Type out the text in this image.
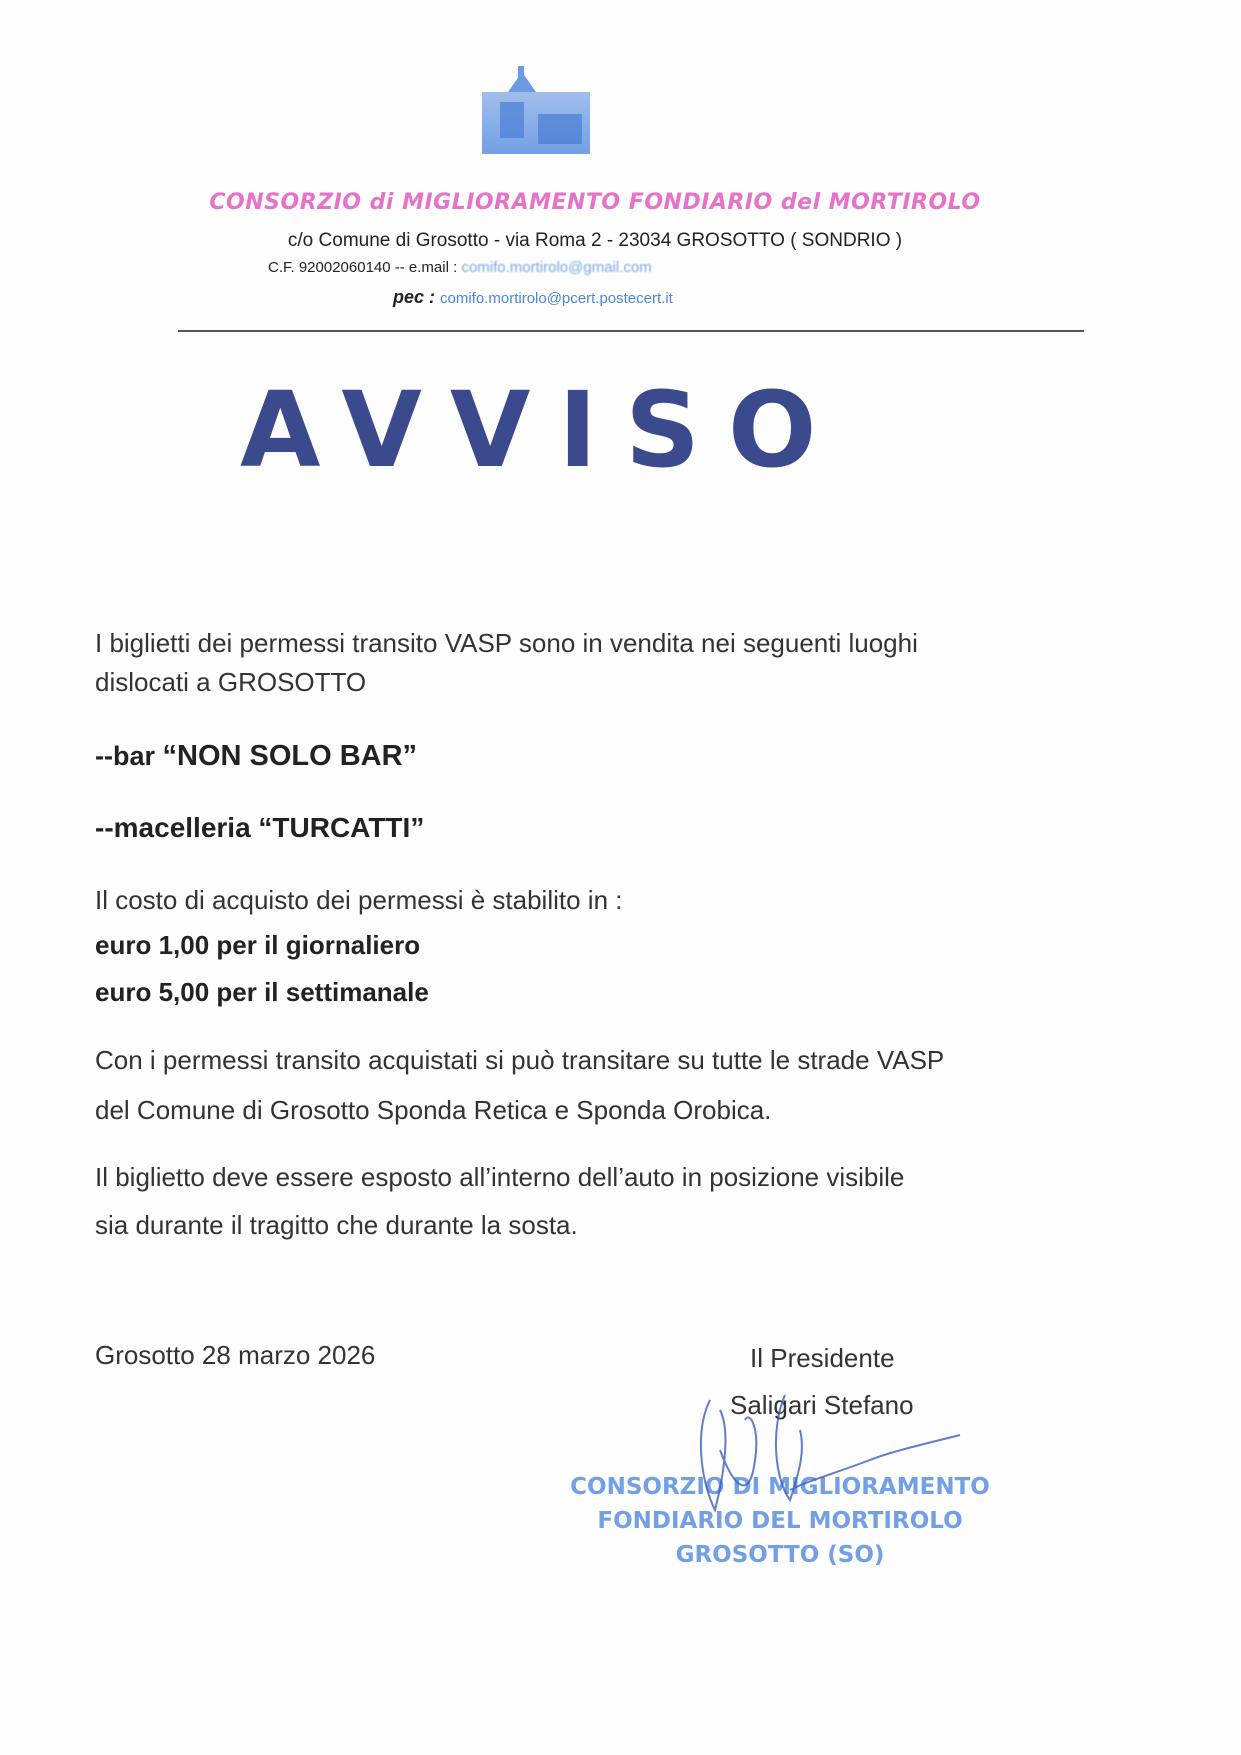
CONSORZIO di MIGLIORAMENTO FONDIARIO del MORTIROLO
c/o Comune di Grosotto - via Roma 2 - 23034 GROSOTTO ( SONDRIO )
C.F. 92002060140 -- e.mail : comifo.mortirolo@gmail.com
pec : comifo.mortirolo@pcert.postecert.it
AVVISO
I biglietti dei permessi transito VASP sono in vendita nei seguenti luoghi
dislocati a GROSOTTO
--bar “NON SOLO BAR”
--macelleria “TURCATTI”
Il costo di acquisto dei permessi è stabilito in :
euro 1,00 per il giornaliero
euro 5,00 per il settimanale
Con i permessi transito acquistati si può transitare su tutte le strade VASP
del Comune di Grosotto Sponda Retica e Sponda Orobica.
Il biglietto deve essere esposto all’interno dell’auto in posizione visibile
sia durante il tragitto che durante la sosta.
Grosotto 28 marzo 2026	Il Presidente
Saligari Stefano
CONSORZIO DI MIGLIORAMENTO
FONDIARIO DEL MORTIROLO
GROSOTTO (SO)
